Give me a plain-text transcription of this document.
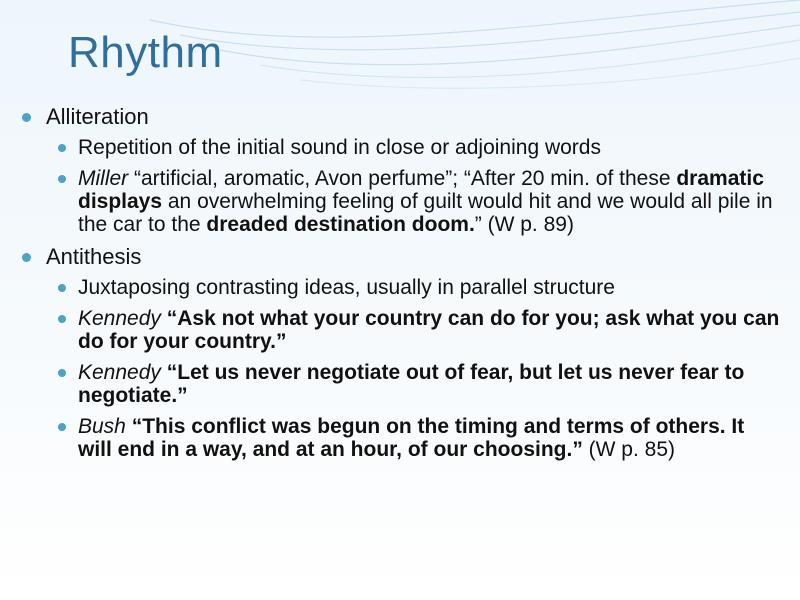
Rhythm
Alliteration
Repetition of the initial sound in close or adjoining words
Miller “artificial, aromatic, Avon perfume”; “After 20 min. of these dramatic displays an overwhelming feeling of guilt would hit and we would all pile in the car to the dreaded destination doom.” (W p. 89)
Antithesis
Juxtaposing contrasting ideas, usually in parallel structure
Kennedy “Ask not what your country can do for you; ask what you can do for your country.”
Kennedy “Let us never negotiate out of fear, but let us never fear to negotiate.”
Bush “This conflict was begun on the timing and terms of others. It will end in a way, and at an hour, of our choosing.” (W p. 85)
